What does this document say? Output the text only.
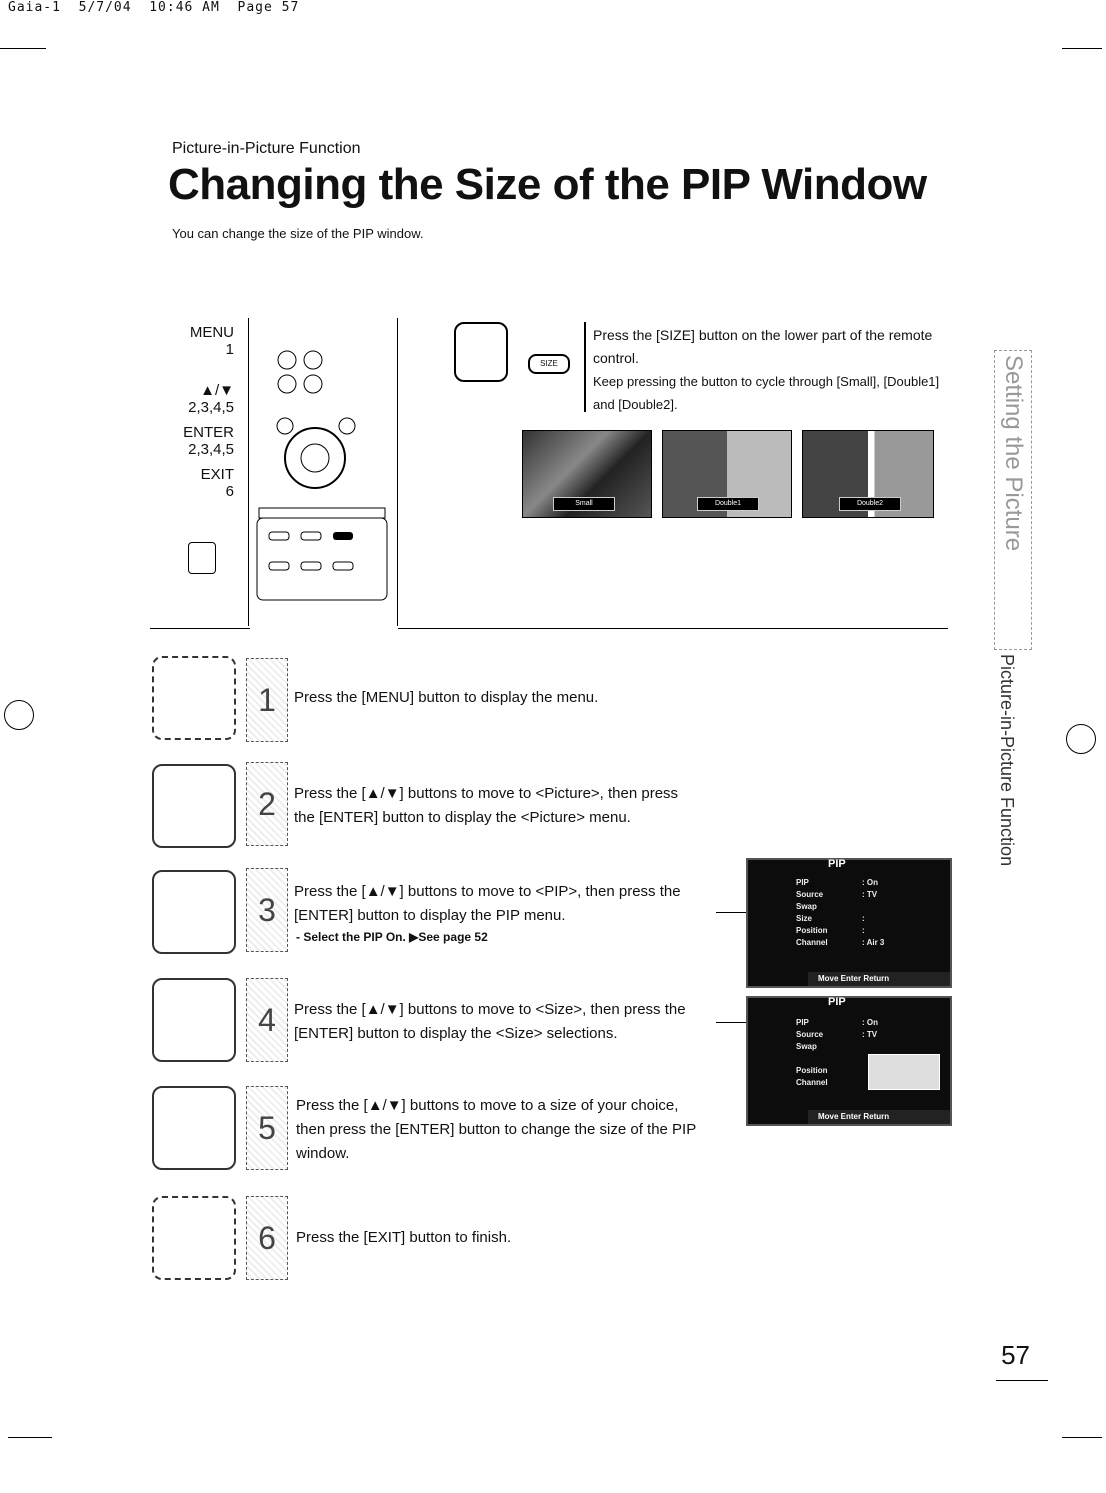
Gaia-1  5/7/04  10:46 AM  Page 57
Picture-in-Picture Function
Changing the Size of the PIP Window
You can change the size of the PIP window.
MENU
1
▲/▼
2,3,4,5
ENTER
2,3,4,5
EXIT
6
SIZE
Press the [SIZE] button on the lower part of the remote control.
Keep pressing the button to cycle through [Small], [Double1] and [Double2].
Small	Double1	Double2
1	Press the [MENU] button to display the menu.
2	Press the [▲/▼] buttons to move to <Picture>, then press the [ENTER] button to display the <Picture> menu.
3
Press the [▲/▼] buttons to move to <PIP>, then press the [ENTER] button to display the PIP menu.
- Select the PIP On. ▶See page 52
4	Press the [▲/▼] buttons to move to <Size>, then press the [ENTER] button to display the <Size> selections.
5
Press the [▲/▼] buttons to move to a size of your choice, then press the [ENTER] button to change the size of the PIP window.
6	Press the [EXIT] button to finish.
PIP
PIP	: On
Source	: TV
Swap
Size	:
Position	:
Channel	: Air 3
Move Enter Return
PIP
PIP	: On
Source	: TV
Swap
Position
Channel
Move Enter Return
Setting the Picture
Picture-in-Picture Function
57
